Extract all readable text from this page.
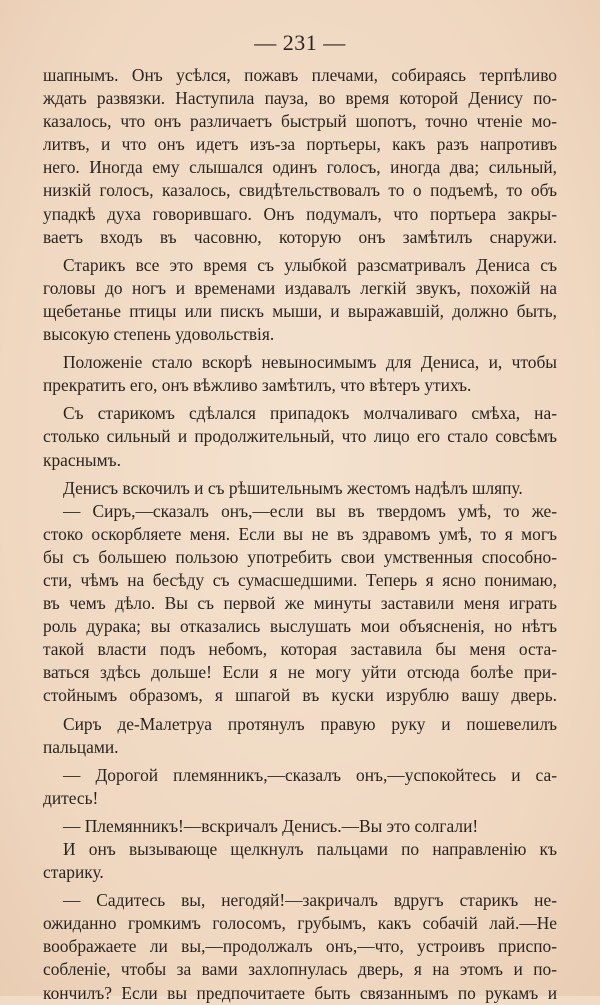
— 231 —
шапнымъ. Онъ усѣлся, пожавъ плечами, собираясь терпѣливо
ждать развязки. Наступила пауза, во время которой Денису по-
казалось, что онъ различаетъ быстрый шопотъ, точно чтеніе мо-
литвъ, и что онъ идетъ изъ-за портьеры, какъ разъ напротивъ
него. Иногда ему слышался одинъ голосъ, иногда два; сильный,
низкій голосъ, казалось, свидѣтельствовалъ то о подъемѣ, то объ
упадкѣ духа говорившаго. Онъ подумалъ, что портьера закры-
ваетъ входъ въ часовню, которую онъ замѣтилъ снаружи.
Старикъ все это время съ улыбкой разсматривалъ Дениса съ
головы до ногъ и временами издавалъ легкій звукъ, похожій на
щебетанье птицы или пискъ мыши, и выражавшій, должно быть,
высокую степень удовольствія.
Положеніе стало вскорѣ невыносимымъ для Дениса, и, чтобы
прекратить его, онъ вѣжливо замѣтилъ, что вѣтеръ утихъ.
Съ старикомъ сдѣлался припадокъ молчаливаго смѣха, на-
столько сильный и продолжительный, что лицо его стало совсѣмъ
краснымъ.
Денисъ вскочилъ и съ рѣшительнымъ жестомъ надѣлъ шляпу.
— Сиръ,—сказалъ онъ,—если вы въ твердомъ умѣ, то же-
стоко оскорбляете меня. Если вы не въ здравомъ умѣ, то я могъ
бы съ большею пользою употребить свои умственныя способно-
сти, чѣмъ на бесѣду съ сумасшедшими. Теперь я ясно понимаю,
въ чемъ дѣло. Вы съ первой же минуты заставили меня играть
роль дурака; вы отказались выслушать мои объясненія, но нѣтъ
такой власти подъ небомъ, которая заставила бы меня оста-
ваться здѣсь дольше! Если я не могу уйти отсюда болѣе при-
стойнымъ образомъ, я шпагой въ куски изрублю вашу дверь.
Сиръ де-Малетруа протянулъ правую руку и пошевелилъ
пальцами.
— Дорогой племянникъ,—сказалъ онъ,—успокойтесь и са-
дитесь!
— Племянникъ!—вскричалъ Денисъ.—Вы это солгали!
И онъ вызывающе щелкнулъ пальцами по направленію къ
старику.
— Садитесь вы, негодяй!—закричалъ вдругъ старикъ не-
ожиданно громкимъ голосомъ, грубымъ, какъ собачій лай.—Не
воображаете ли вы,—продолжалъ онъ,—что, устроивъ приспо-
собленіе, чтобы за вами захлопнулась дверь, я на этомъ и по-
кончилъ? Если вы предпочитаете быть связаннымъ по рукамъ и
